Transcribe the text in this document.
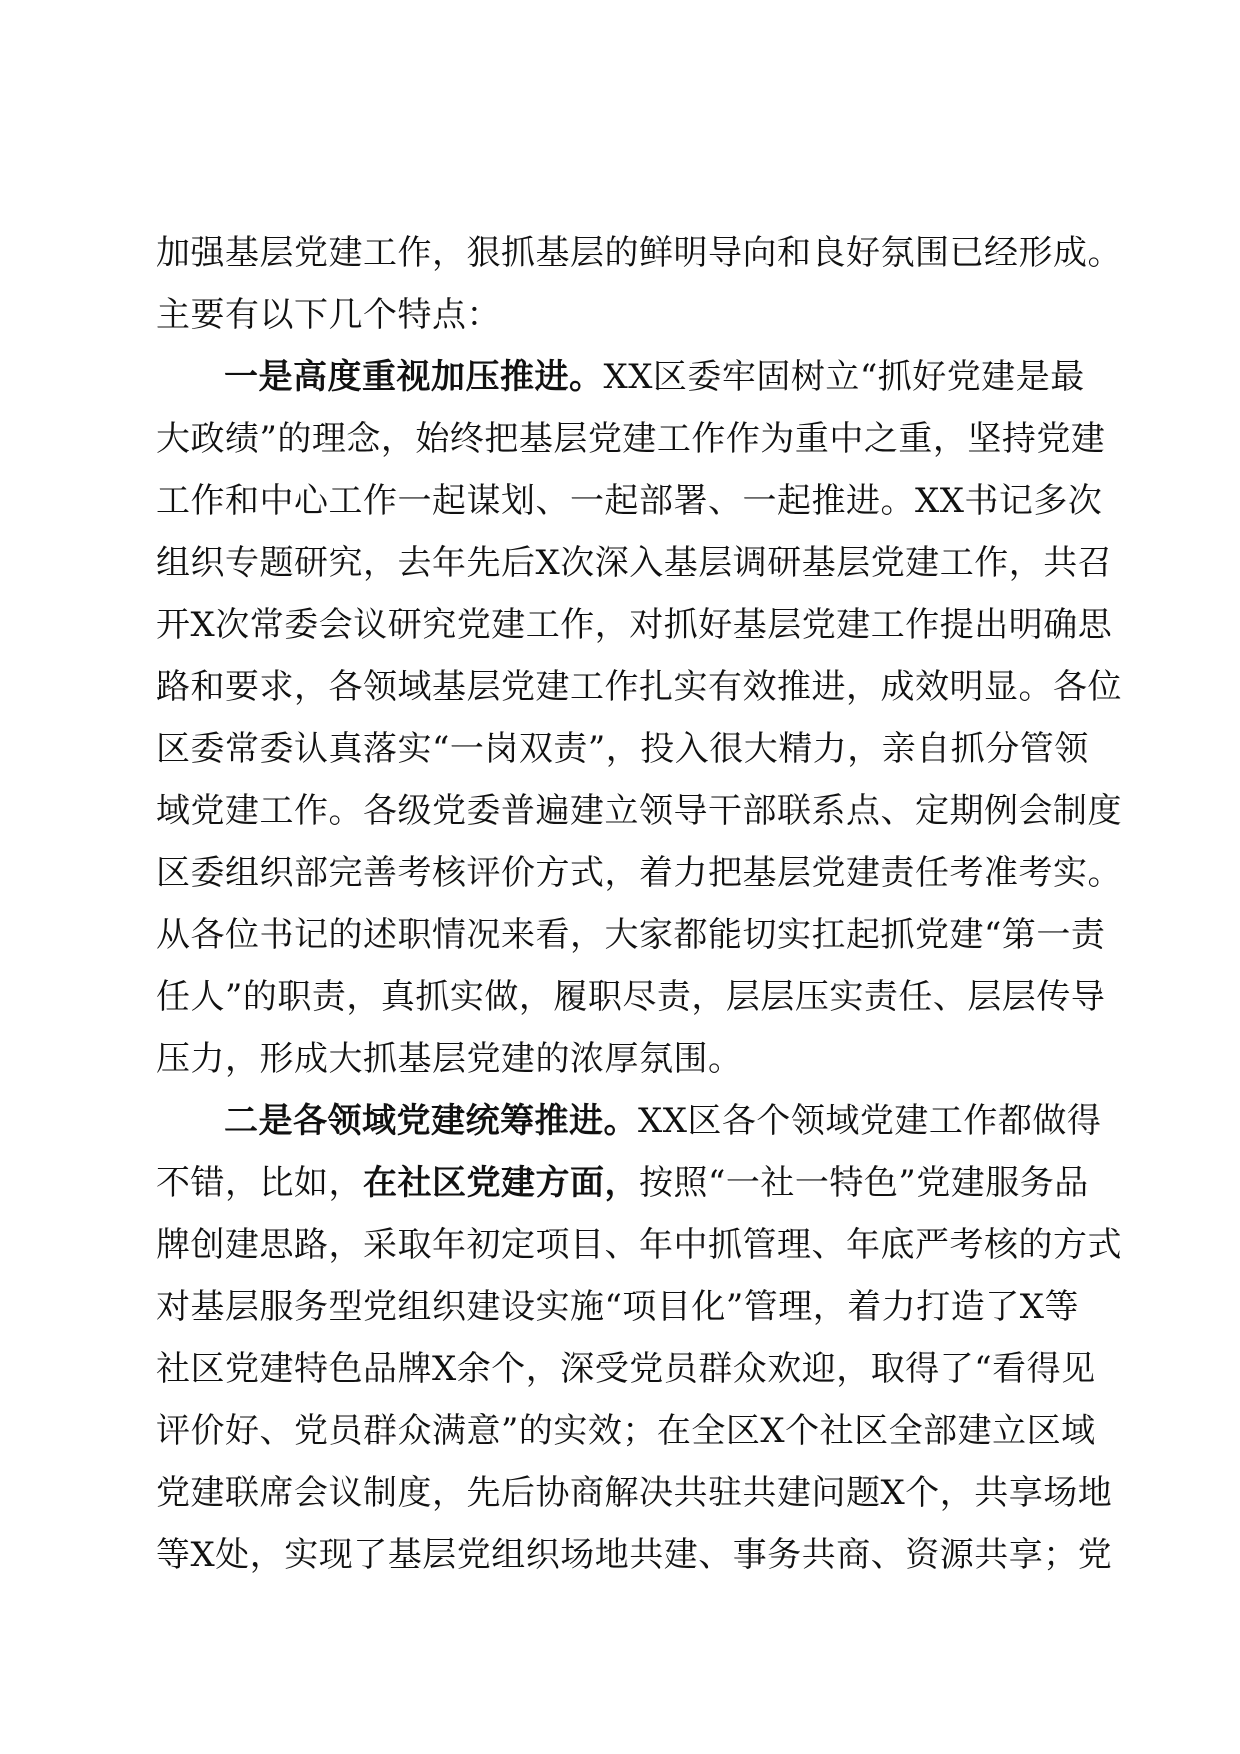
加强基层党建工作，狠抓基层的鲜明导向和良好氛围已经形成。
主要有以下几个特点：
一是高度重视加压推进。XX区委牢固树立“抓好党建是最
大政绩”的理念，始终把基层党建工作作为重中之重，坚持党建
工作和中心工作一起谋划、一起部署、一起推进。XX书记多次
组织专题研究，去年先后X次深入基层调研基层党建工作，共召
开X次常委会议研究党建工作，对抓好基层党建工作提出明确思
路和要求，各领域基层党建工作扎实有效推进，成效明显。各位
区委常委认真落实“一岗双责”，投入很大精力，亲自抓分管领
域党建工作。各级党委普遍建立领导干部联系点、定期例会制度
区委组织部完善考核评价方式，着力把基层党建责任考准考实。
从各位书记的述职情况来看，大家都能切实扛起抓党建“第一责
任人”的职责，真抓实做，履职尽责，层层压实责任、层层传导
压力，形成大抓基层党建的浓厚氛围。
二是各领域党建统筹推进。XX区各个领域党建工作都做得
不错，比如，在社区党建方面，按照“一社一特色”党建服务品
牌创建思路，采取年初定项目、年中抓管理、年底严考核的方式
对基层服务型党组织建设实施“项目化”管理，着力打造了X等
社区党建特色品牌X余个，深受党员群众欢迎，取得了“看得见
评价好、党员群众满意”的实效；在全区X个社区全部建立区域
党建联席会议制度，先后协商解决共驻共建问题X个，共享场地
等X处，实现了基层党组织场地共建、事务共商、资源共享；党
